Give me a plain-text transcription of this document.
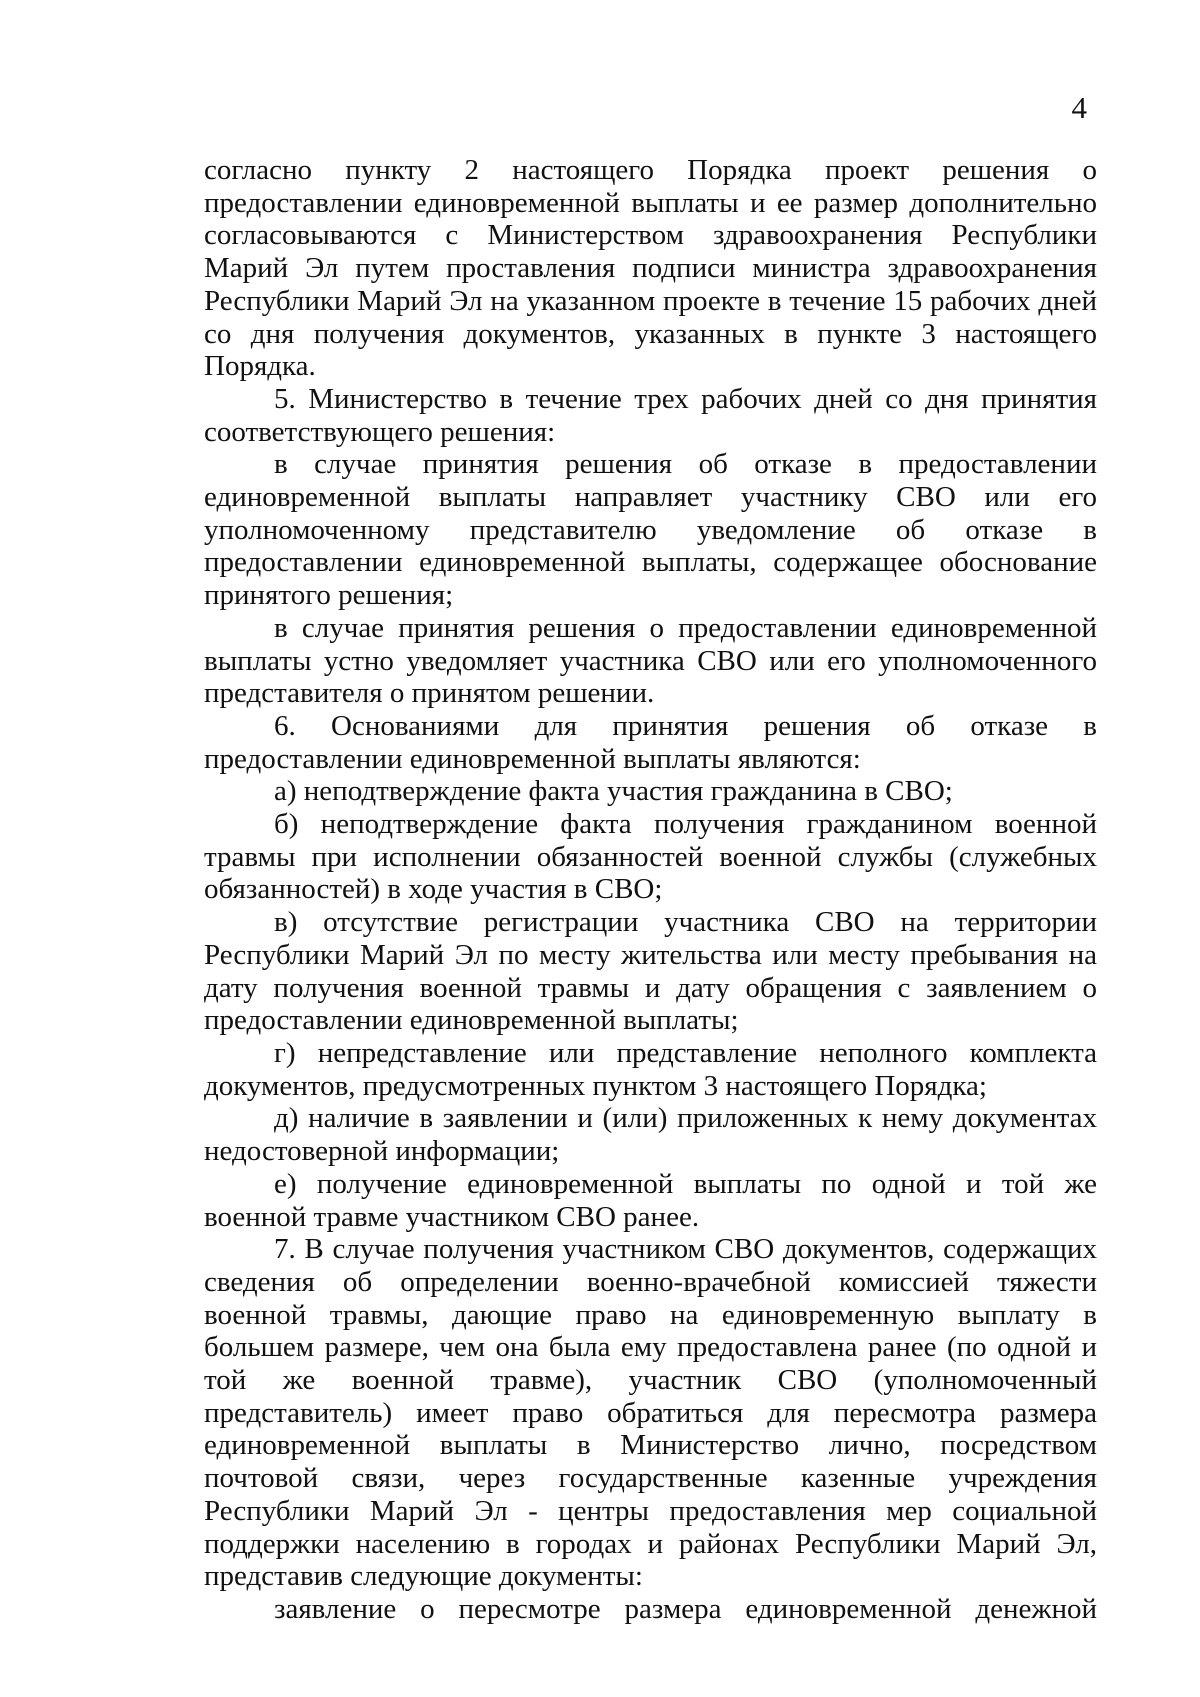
4

согласно пункту 2 настоящего Порядка проект решения о предоставлении единовременной выплаты и ее размер дополнительно согласовываются с Министерством здравоохранения Республики Марий Эл путем проставления подписи министра здравоохранения Республики Марий Эл на указанном проекте в течение 15 рабочих дней со дня получения документов, указанных в пункте 3 настоящего Порядка.

5. Министерство в течение трех рабочих дней со дня принятия соответствующего решения:

в случае принятия решения об отказе в предоставлении единовременной выплаты направляет участнику СВО или его уполномоченному представителю уведомление об отказе в предоставлении единовременной выплаты, содержащее обоснование принятого решения;

в случае принятия решения о предоставлении единовременной выплаты устно уведомляет участника СВО или его уполномоченного представителя о принятом решении.

6. Основаниями для принятия решения об отказе в предоставлении единовременной выплаты являются:

а) неподтверждение факта участия гражданина в СВО;

б) неподтверждение факта получения гражданином военной травмы при исполнении обязанностей военной службы (служебных обязанностей) в ходе участия в СВО;

в) отсутствие регистрации участника СВО на территории Республики Марий Эл по месту жительства или месту пребывания на дату получения военной травмы и дату обращения с заявлением о предоставлении единовременной выплаты;

г) непредставление или представление неполного комплекта документов, предусмотренных пунктом 3 настоящего Порядка;

д) наличие в заявлении и (или) приложенных к нему документах недостоверной информации;

е) получение единовременной выплаты по одной и той же военной травме участником СВО ранее.

7. В случае получения участником СВО документов, содержащих сведения об определении военно-врачебной комиссией тяжести военной травмы, дающие право на единовременную выплату в большем размере, чем она была ему предоставлена ранее (по одной и той же военной травме), участник СВО (уполномоченный представитель) имеет право обратиться для пересмотра размера единовременной выплаты в Министерство лично, посредством почтовой связи, через государственные казенные учреждения Республики Марий Эл - центры предоставления мер социальной поддержки населению в городах и районах Республики Марий Эл, представив следующие документы:

заявление о пересмотре размера единовременной денежной
